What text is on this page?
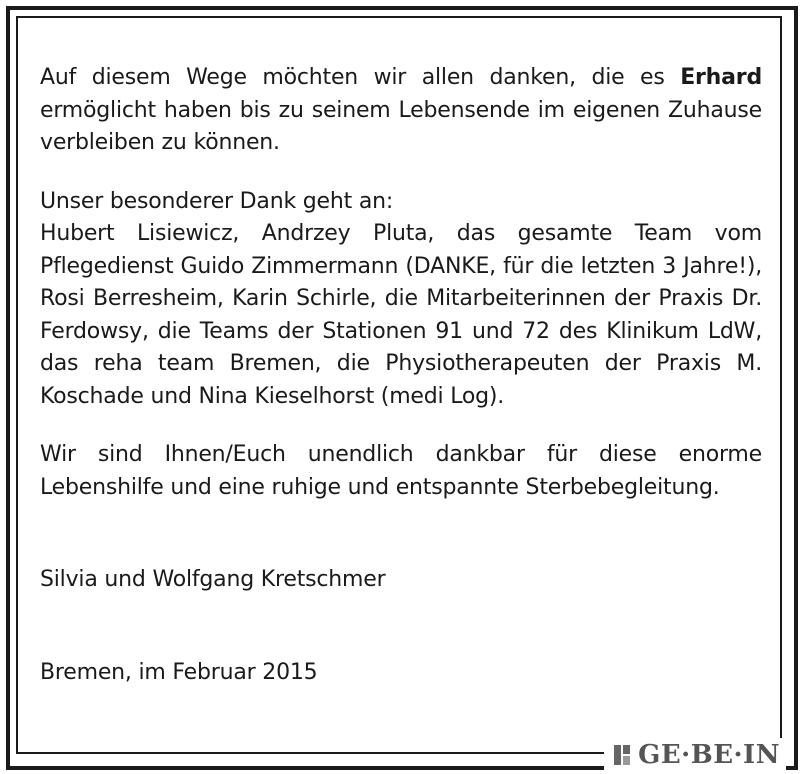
Auf diesem Wege möchten wir allen danken, die es Erhard ermöglicht haben bis zu seinem Lebensende im eigenen Zuhause verbleiben zu können.

Unser besonderer Dank geht an:

Hubert Lisiewicz, Andrzey Pluta, das gesamte Team vom Pflegedienst Guido Zimmermann (DANKE, für die letzten 3 Jahre!), Rosi Berresheim, Karin Schirle, die Mitarbeiterinnen der Praxis Dr. Ferdowsy, die Teams der Stationen 91 und 72 des Klinikum LdW, das reha team Bremen, die Physiotherapeuten der Praxis M. Koschade und Nina Kieselhorst (medi Log).

Wir sind Ihnen/Euch unendlich dankbar für diese enorme Lebenshilfe und eine ruhige und entspannte Sterbebegleitung.

Silvia und Wolfgang Kretschmer

Bremen, im Februar 2015

GE·BE·IN
